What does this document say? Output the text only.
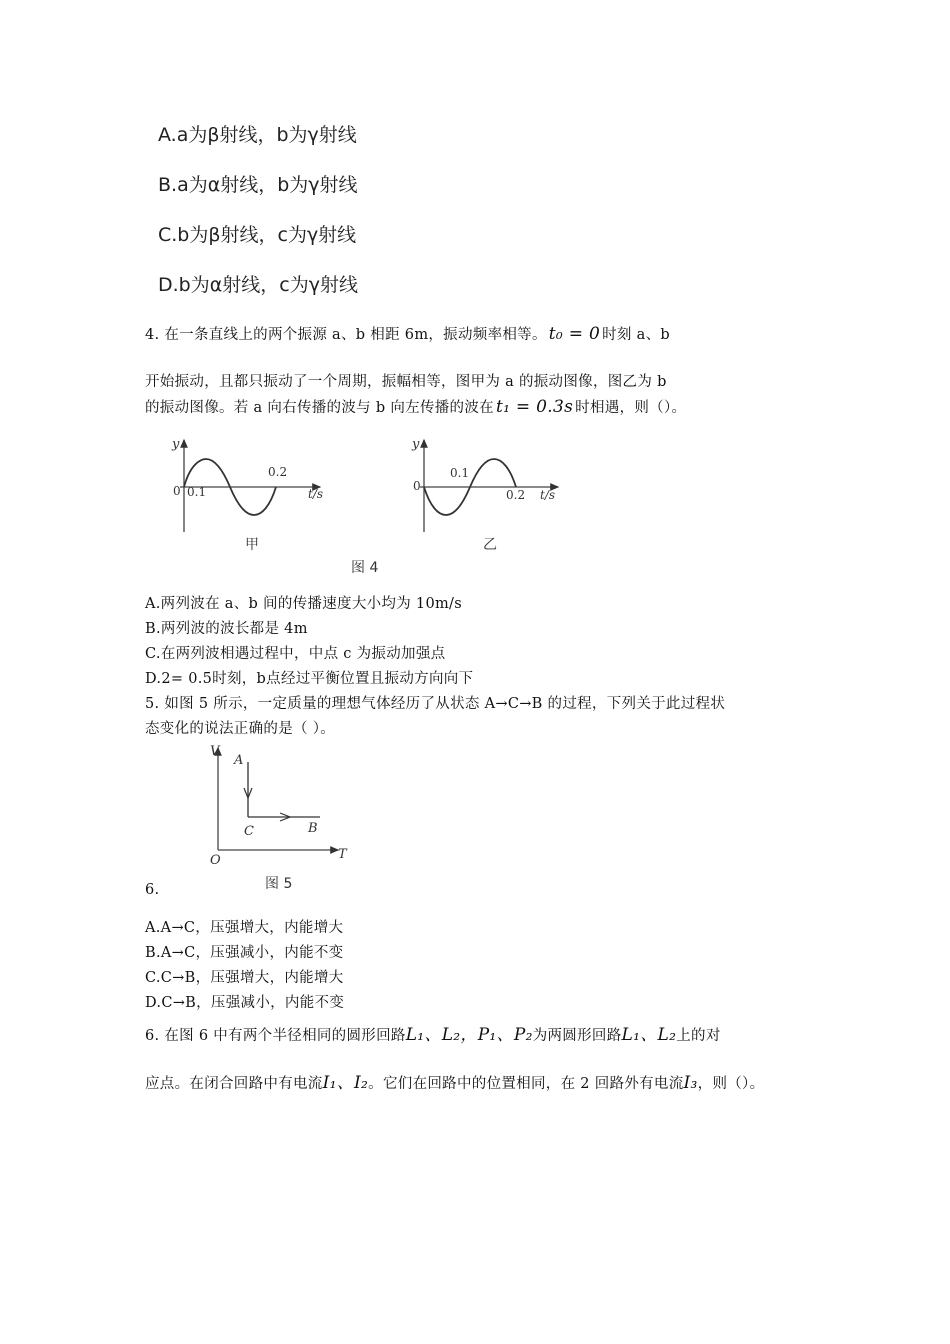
A.a为β射线，b为γ射线
B.a为α射线，b为γ射线
C.b为β射线，c为γ射线
D.b为α射线，c为γ射线
4. 在一条直线上的两个振源 a、b 相距 6m，振动频率相等。 t₀ = 0 时刻 a、b
开始振动，且都只振动了一个周期，振幅相等，图甲为 a 的振动图像，图乙为 b
的振动图像。若 a 向右传播的波与 b 向左传播的波在 t₁ = 0.3s 时相遇，则（）。
y
0 0.1
0.2
t/s
甲
y
0
0.1
0.2 t/s
乙
图 4
A.两列波在 a、b 间的传播速度大小均为 10m/s
B.两列波的波长都是 4m
C.在两列波相遇过程中，中点 c 为振动加强点
D.2= 0.5时刻，b点经过平衡位置且振动方向向下
5. 如图 5 所示，一定质量的理想气体经历了从状态 A→C→B 的过程，下列关于此过程状
态变化的说法正确的是（ ）。
V
A
C	B
O	T
图 5
6.
A.A→C，压强增大，内能增大
B.A→C，压强减小，内能不变
C.C→B，压强增大，内能增大
D.C→B，压强减小，内能不变
6. 在图 6 中有两个半径相同的圆形回路L₁、L₂，P₁、P₂为两圆形回路L₁、L₂上的对
应点。在闭合回路中有电流I₁、I₂。它们在回路中的位置相同，在 2 回路外有电流I₃，则（）。
